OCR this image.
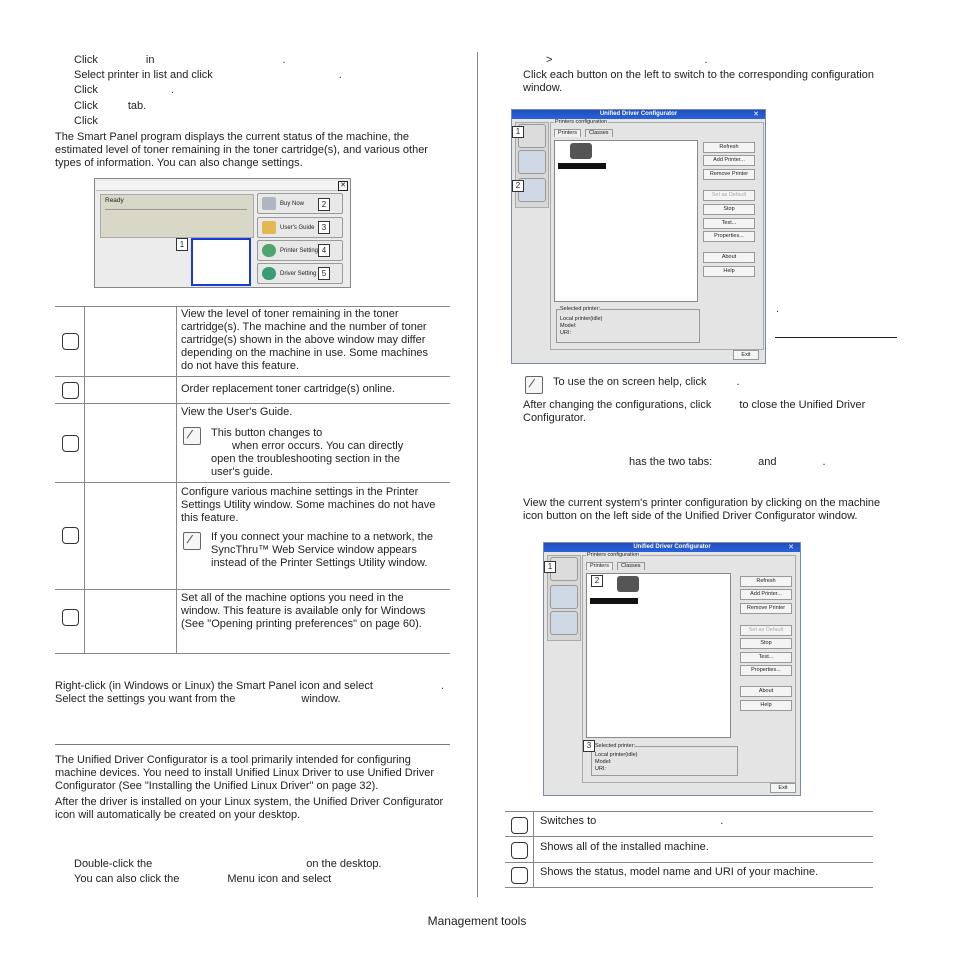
Click	in	.
Select printer in list and click	.
Click	.
Click	tab.
Click
The Smart Panel program displays the current status of the machine, the estimated level of toner remaining in the toner cartridge(s), and various other types of information. You can also change settings.
✕
Ready
1
Buy Now
User's Guide
Printer Setting
Driver Setting
2
3
4
5
View the level of toner remaining in the toner cartridge(s). The machine and the number of toner cartridge(s) shown in the above window may differ depending on the machine in use. Some machines do not have this feature.
Order replacement toner cartridge(s) online.
View the User's Guide.
This button changes to
when error occurs. You can directly
open the troubleshooting section in the
user's guide.
Configure various machine settings in the Printer Settings Utility window. Some machines do not have this feature.
If you connect your machine to a network, the SyncThru™ Web Service window appears instead of the Printer Settings Utility window.
Set all of the machine options you need in the window. This feature is available only for Windows (See "Opening printing preferences" on page 60).
Right-click (in Windows or Linux) the Smart Panel icon and select	.
Select the settings you want from the	window.
The Unified Driver Configurator is a tool primarily intended for configuring machine devices. You need to install Unified Linux Driver to use Unified Driver Configurator (See "Installing the Unified Linux Driver" on page 32).
After the driver is installed on your Linux system, the Unified Driver Configurator icon will automatically be created on your desktop.
Double-click the	on the desktop.
You can also click the	Menu icon and select
>	.
Click each button on the left to switch to the corresponding configuration window.
Unified Driver Configurator	✕
1
2
Printers configuration
Printers	Classes
Refresh
Add Printer...
Remove Printer
Set as Default
Stop
Test...
Properties...
About
Help
Selected printer:
Local printer(idle)
Model:
URI:
Exit
.
To use the on screen help, click	.
After changing the configurations, click	to close the Unified Driver Configurator.
has the two tabs:	and	.
View the current system's printer configuration by clicking on the machine icon button on the left side of the Unified Driver Configurator window.
Unified Driver Configurator	✕
1
Printers configuration
Printers	Classes
2	Refresh
Add Printer...
Remove Printer
Set as Default
Stop
Test...
Properties...
About
Help
Selected printer:
Local printer(idle)
Model:
URI:
3
Exit
Switches to	.
Shows all of the installed machine.
Shows the status, model name and URI of your machine.
Management tools
